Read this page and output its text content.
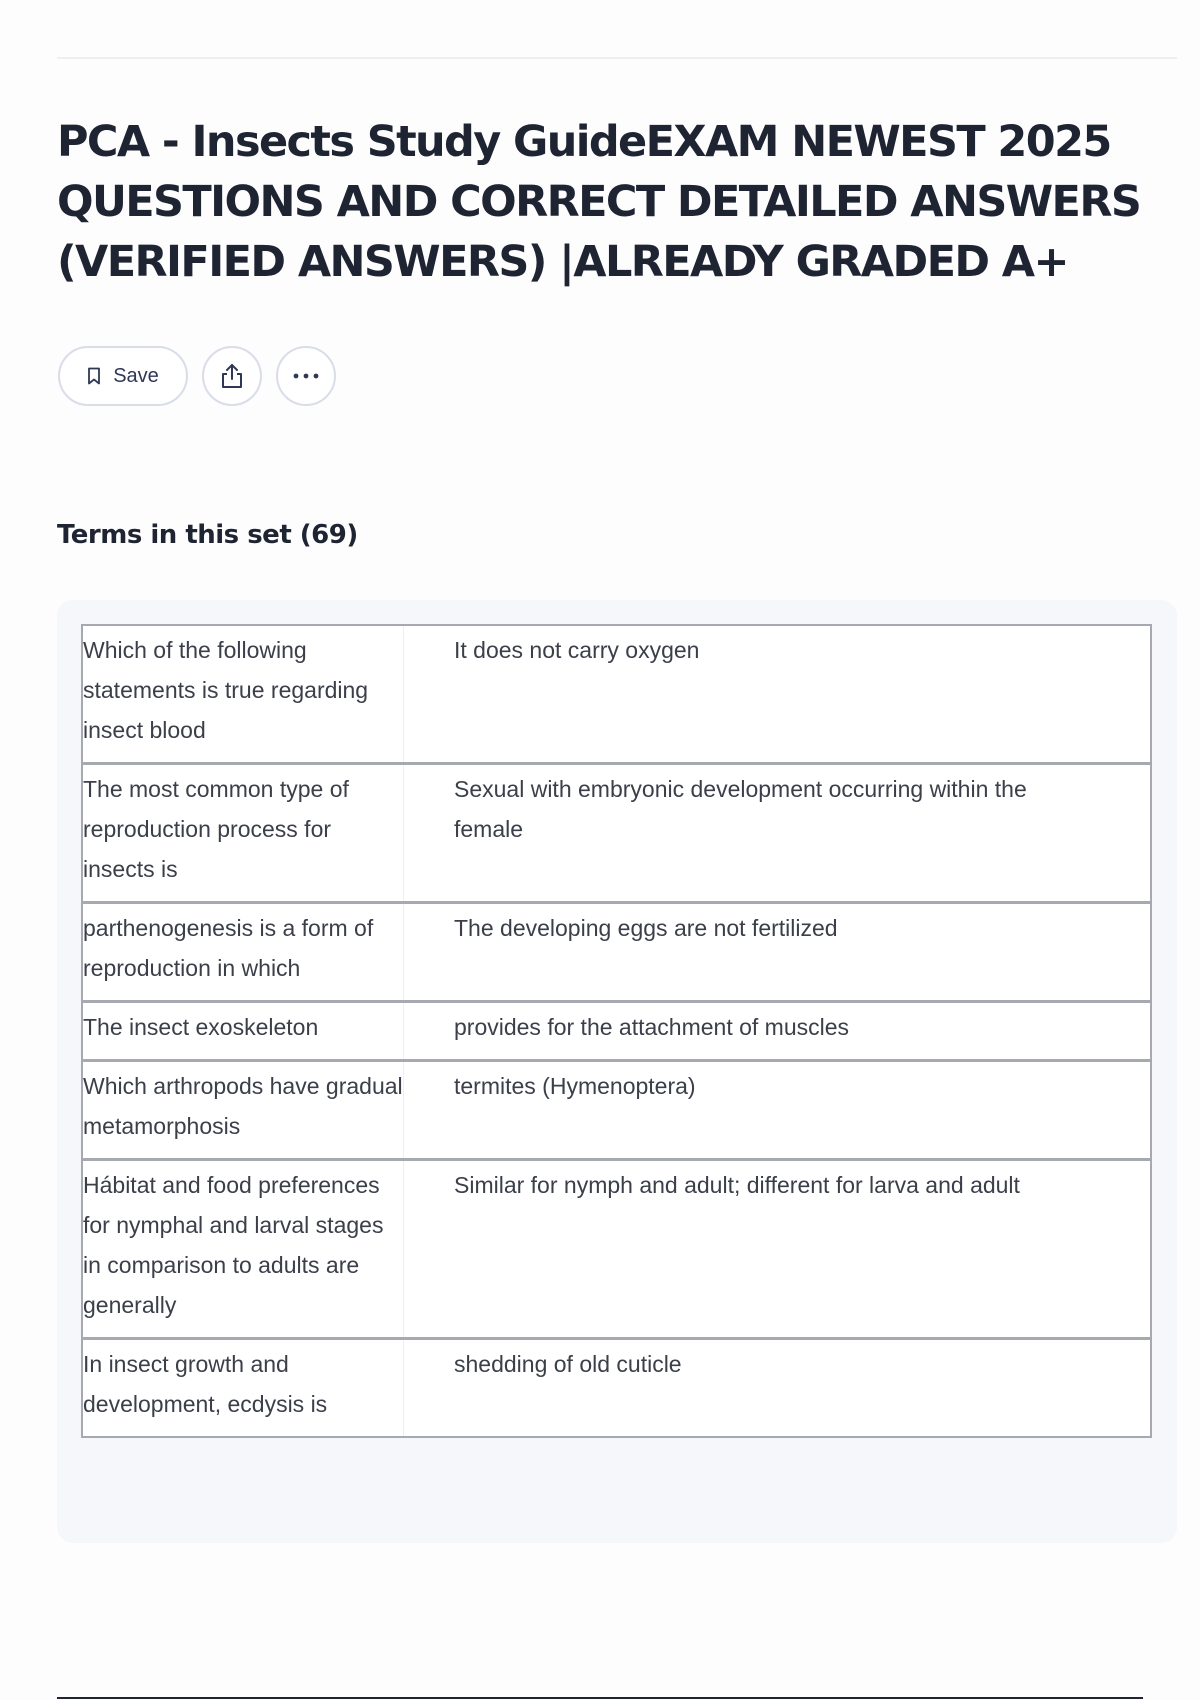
PCA - Insects Study GuideEXAM NEWEST 2025 QUESTIONS AND CORRECT DETAILED ANSWERS (VERIFIED ANSWERS) |ALREADY GRADED A+
Save
Terms in this set (69)
Which of the following statements is true regarding insect blood	It does not carry oxygen
The most common type of reproduction process for insects is	Sexual with embryonic development occurring within the female
parthenogenesis is a form of reproduction in which	The developing eggs are not fertilized
The insect exoskeleton	provides for the attachment of muscles
Which arthropods have gradual metamorphosis	termites (Hymenoptera)
Hábitat and food preferences for nymphal and larval stages in comparison to adults are generally	Similar for nymph and adult; different for larva and adult
In insect growth and development, ecdysis is	shedding of old cuticle
